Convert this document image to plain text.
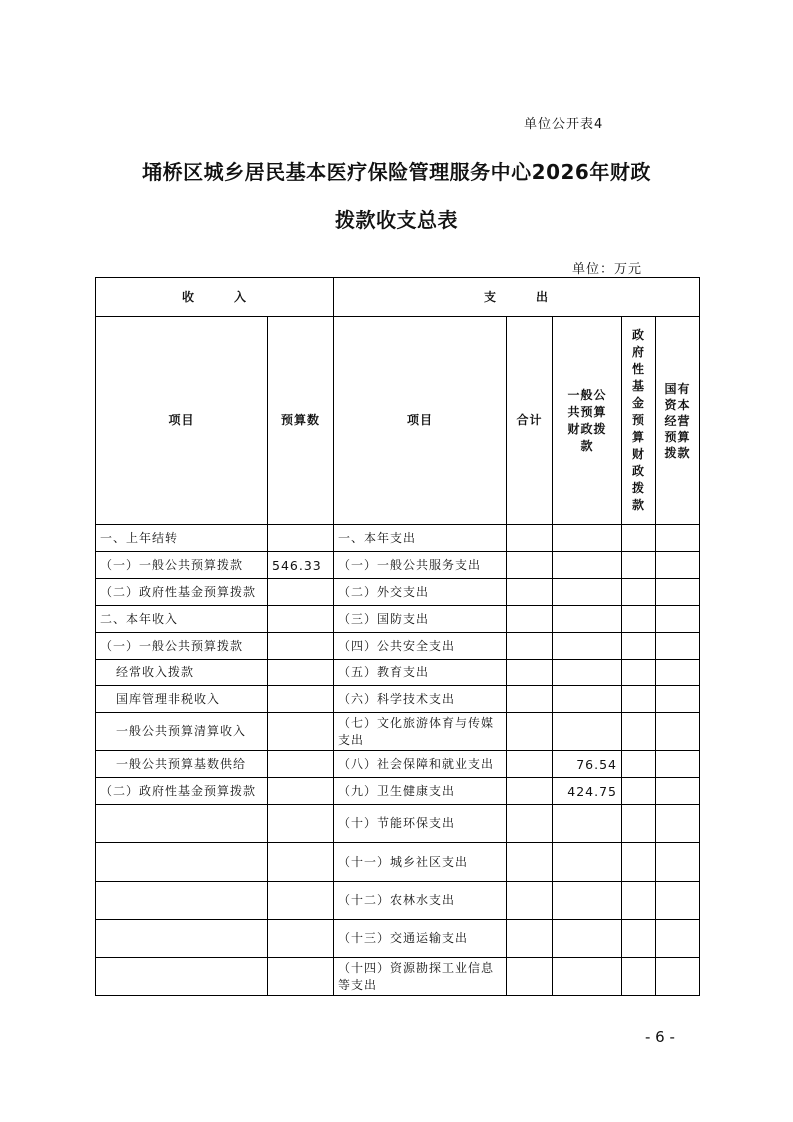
单位公开表4
埇桥区城乡居民基本医疗保险管理服务中心2026年财政
拨款收支总表
单位：万元
收　　　入		支　　　出				
项目	预算数	项目	合计	一般公共预算财政拨款	政府性基金预算财政拨款	国有资本经营预算拨款
一、上年结转		一、本年支出				
（一）一般公共预算拨款	546.33	（一）一般公共服务支出				
（二）政府性基金预算拨款		（二）外交支出				
二、本年收入		（三）国防支出				
（一）一般公共预算拨款		（四）公共安全支出				
经常收入拨款		（五）教育支出				
国库管理非税收入		（六）科学技术支出				
一般公共预算清算收入		（七）文化旅游体育与传媒支出				
一般公共预算基数供给		（八）社会保障和就业支出		76.54		
（二）政府性基金预算拨款		（九）卫生健康支出		424.75		
		（十）节能环保支出				
		（十一）城乡社区支出				
		（十二）农林水支出				
		（十三）交通运输支出				
		（十四）资源勘探工业信息等支出				
- 6 -
